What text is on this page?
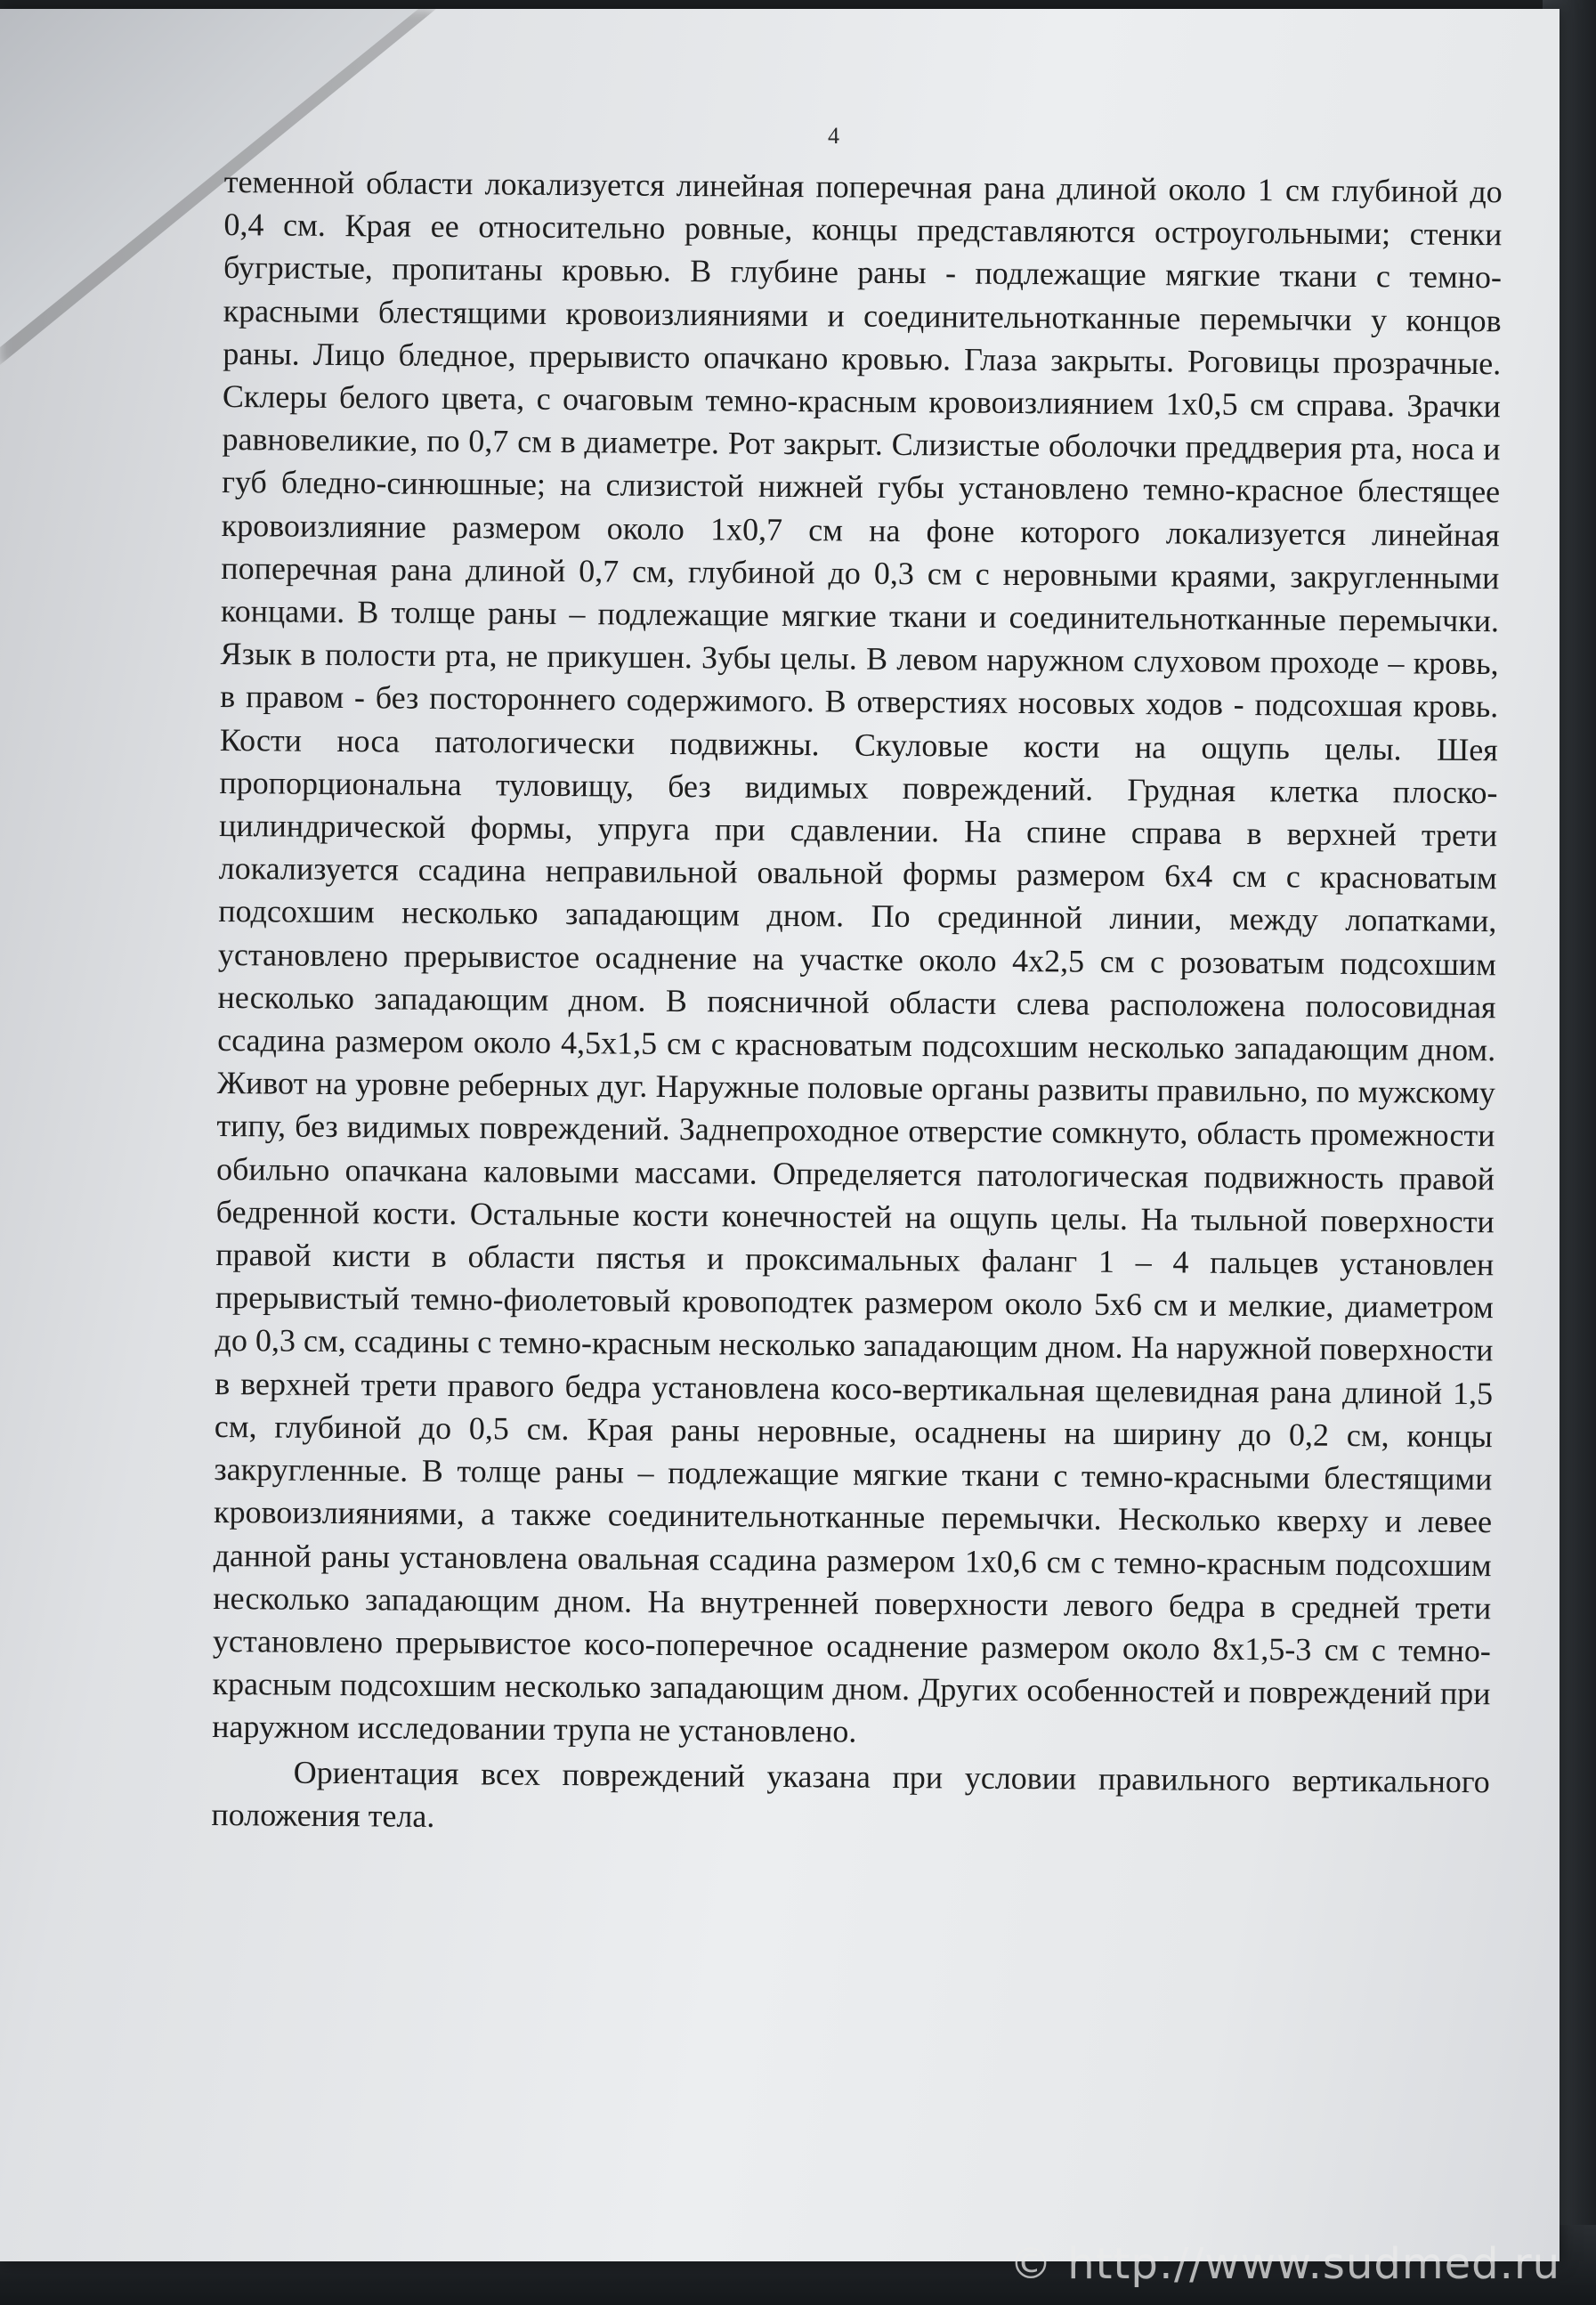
4

теменной области локализуется линейная поперечная рана длиной около 1 см глубиной до 0,4 см. Края ее относительно ровные, концы представляются остроугольными; стенки бугристые, пропитаны кровью. В глубине раны - подлежащие мягкие ткани с темно-красными блестящими кровоизлияниями и соединительнотканные перемычки у концов раны. Лицо бледное, прерывисто опачкано кровью. Глаза закрыты. Роговицы прозрачные. Склеры белого цвета, с очаговым темно-красным кровоизлиянием 1х0,5 см справа. Зрачки равновеликие, по 0,7 см в диаметре. Рот закрыт. Слизистые оболочки преддверия рта, носа и губ бледно-синюшные; на слизистой нижней губы установлено темно-красное блестящее кровоизлияние размером около 1х0,7 см на фоне которого локализуется линейная поперечная рана длиной 0,7 см, глубиной до 0,3 см с неровными краями, закругленными концами. В толще раны – подлежащие мягкие ткани и соединительнотканные перемычки. Язык в полости рта, не прикушен. Зубы целы. В левом наружном слуховом проходе – кровь, в правом - без постороннего содержимого. В отверстиях носовых ходов - подсохшая кровь. Кости носа патологически подвижны. Скуловые кости на ощупь целы. Шея пропорциональна туловищу, без видимых повреждений. Грудная клетка плоско-цилиндрической формы, упруга при сдавлении. На спине справа в верхней трети локализуется ссадина неправильной овальной формы размером 6х4 см с красноватым подсохшим несколько западающим дном. По срединной линии, между лопатками, установлено прерывистое осаднение на участке около 4х2,5 см с розоватым подсохшим несколько западающим дном. В поясничной области слева расположена полосовидная ссадина размером около 4,5х1,5 см с красноватым подсохшим несколько западающим дном. Живот на уровне реберных дуг. Наружные половые органы развиты правильно, по мужскому типу, без видимых повреждений. Заднепроходное отверстие сомкнуто, область промежности обильно опачкана каловыми массами. Определяется патологическая подвижность правой бедренной кости. Остальные кости конечностей на ощупь целы. На тыльной поверхности правой кисти в области пястья и проксимальных фаланг 1 – 4 пальцев установлен прерывистый темно-фиолетовый кровоподтек размером около 5х6 см и мелкие, диаметром до 0,3 см, ссадины с темно-красным несколько западающим дном. На наружной поверхности в верхней трети правого бедра установлена косо-вертикальная щелевидная рана длиной 1,5 см, глубиной до 0,5 см. Края раны неровные, осаднены на ширину до 0,2 см, концы закругленные. В толще раны – подлежащие мягкие ткани с темно-красными блестящими кровоизлияниями, а также соединительнотканные перемычки. Несколько кверху и левее данной раны установлена овальная ссадина размером 1х0,6 см с темно-красным подсохшим несколько западающим дном. На внутренней поверхности левого бедра в средней трети установлено прерывистое косо-поперечное осаднение размером около 8х1,5-3 см с темно-красным подсохшим несколько западающим дном. Других особенностей и повреждений при наружном исследовании трупа не установлено.

Ориентация всех повреждений указана при условии правильного вертикального положения тела.

© http://www.sudmed.ru
